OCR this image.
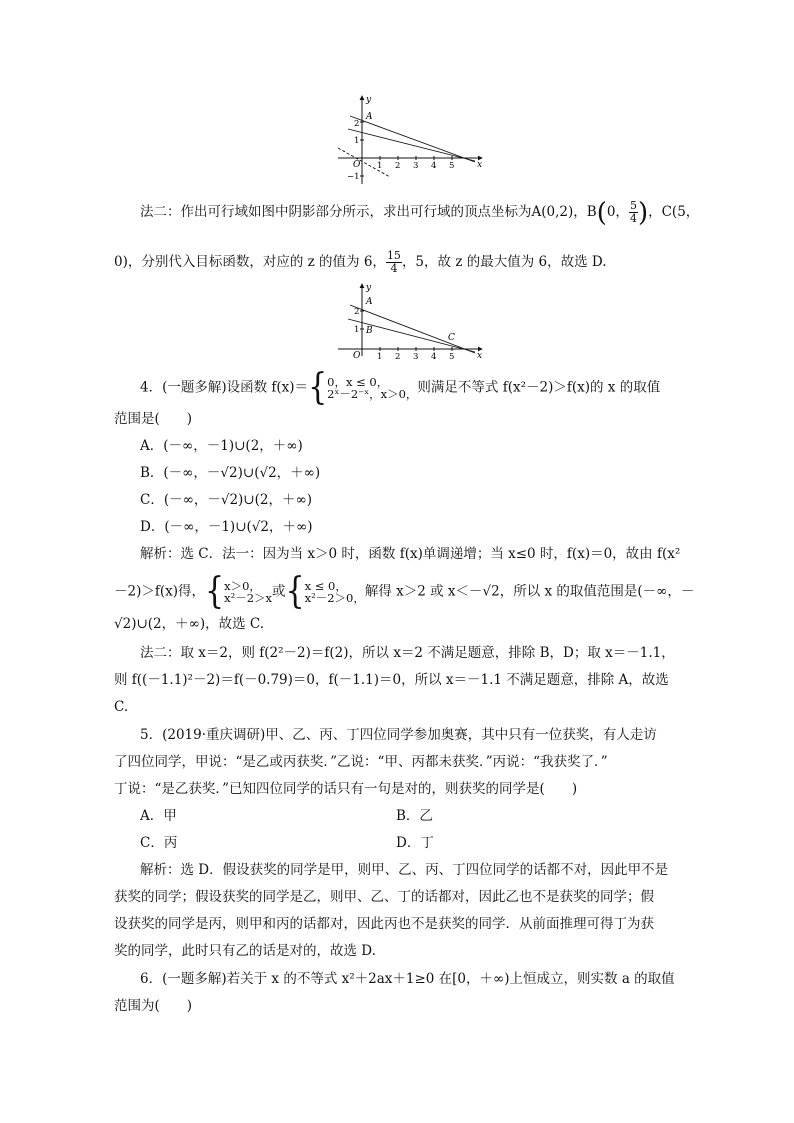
y
x
O
A
1 2 3 4 5
2
1
−1
法二：作出可行域如图中阴影部分所示，求出可行域的顶点坐标为A(0,2)，B(0， $\frac{5}{4}$ )，C(5，
0)，分别代入目标函数，对应的 z 的值为 6， $\frac{15}{4}$ ，5，故 z 的最大值为 6，故选 D.
y
x
O
A
B
C
1 2 3 4 5
2
1
4．(一题多解)设函数 f(x)＝{ 0，x ≤ 0，
2ˣ－2⁻ˣ，x＞0， 则满足不等式 f(x²－2)＞f(x)的 x 的取值
范围是(　　)
A．(－∞，－1)∪(2，＋∞)
B．(－∞，－√2)∪(√2，＋∞)
C．(－∞，－√2)∪(2，＋∞)
D．(－∞，－1)∪(√2，＋∞)
解析：选 C．法一：因为当 x＞0 时，函数 f(x)单调递增；当 x≤0 时，f(x)＝0，故由 f(x²
－2)＞f(x)得，{ x＞0，
x²－2＞x 或{ x ≤ 0，
x²－2＞0， 解得 x＞2 或 x＜－√2，所以 x 的取值范围是(－∞，－
√2)∪(2，＋∞)，故选 C.
法二：取 x＝2，则 f(2²－2)＝f(2)，所以 x＝2 不满足题意，排除 B，D；取 x＝－1.1，
则 f((－1.1)²－2)＝f(－0.79)＝0，f(－1.1)＝0，所以 x＝－1.1 不满足题意，排除 A，故选
C.
5．(2019·重庆调研)甲、乙、丙、丁四位同学参加奥赛，其中只有一位获奖，有人走访
了四位同学，甲说：“是乙或丙获奖．”乙说：“甲、丙都未获奖．”丙说：“我获奖了．”
丁说：“是乙获奖．”已知四位同学的话只有一句是对的，则获奖的同学是(　　)
A．甲	B．乙
C．丙	D．丁
解析：选 D．假设获奖的同学是甲，则甲、乙、丙、丁四位同学的话都不对，因此甲不是
获奖的同学；假设获奖的同学是乙，则甲、乙、丁的话都对，因此乙也不是获奖的同学；假
设获奖的同学是丙，则甲和丙的话都对，因此丙也不是获奖的同学．从前面推理可得丁为获
奖的同学，此时只有乙的话是对的，故选 D.
6．(一题多解)若关于 x 的不等式 x²＋2ax＋1≥0 在[0，＋∞)上恒成立，则实数 a 的取值
范围为(　　)
